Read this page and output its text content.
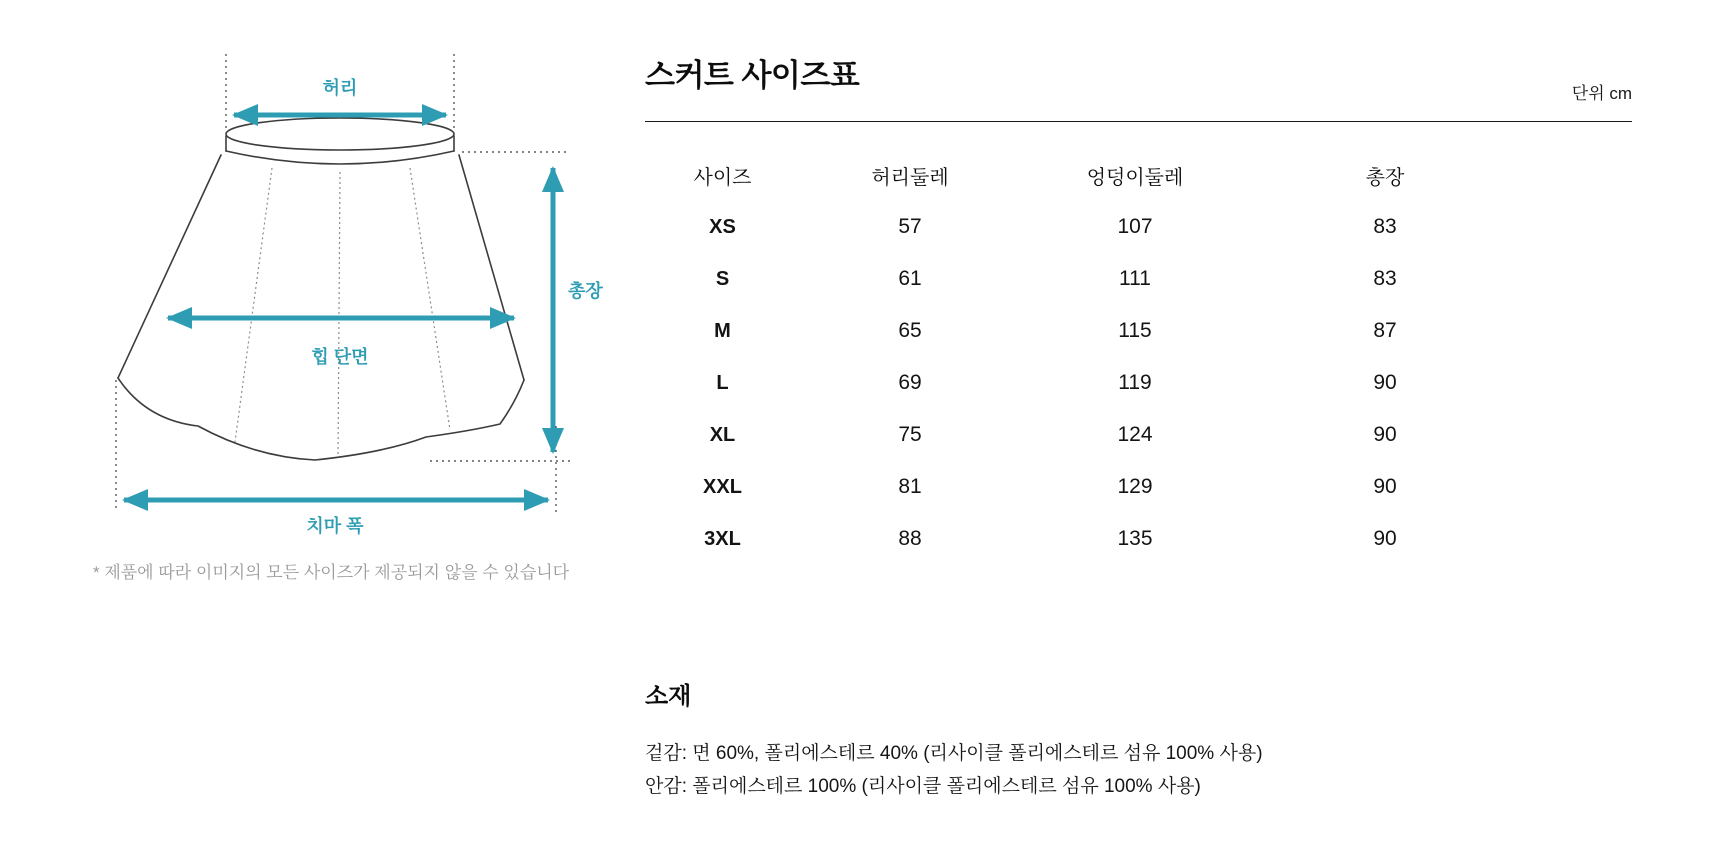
허리
총장
힙 단면
치마 폭
* 제품에 따라 이미지의 모든 사이즈가 제공되지 않을 수 있습니다
스커트 사이즈표
단위 cm
사이즈	허리둘레	엉덩이둘레	총장
XS	57	107	83
S	61	111	83
M	65	115	87
L	69	119	90
XL	75	124	90
XXL	81	129	90
3XL	88	135	90
소재

겉감: 면 60%, 폴리에스테르 40% (리사이클 폴리에스테르 섬유 100% 사용)

안감: 폴리에스테르 100% (리사이클 폴리에스테르 섬유 100% 사용)
